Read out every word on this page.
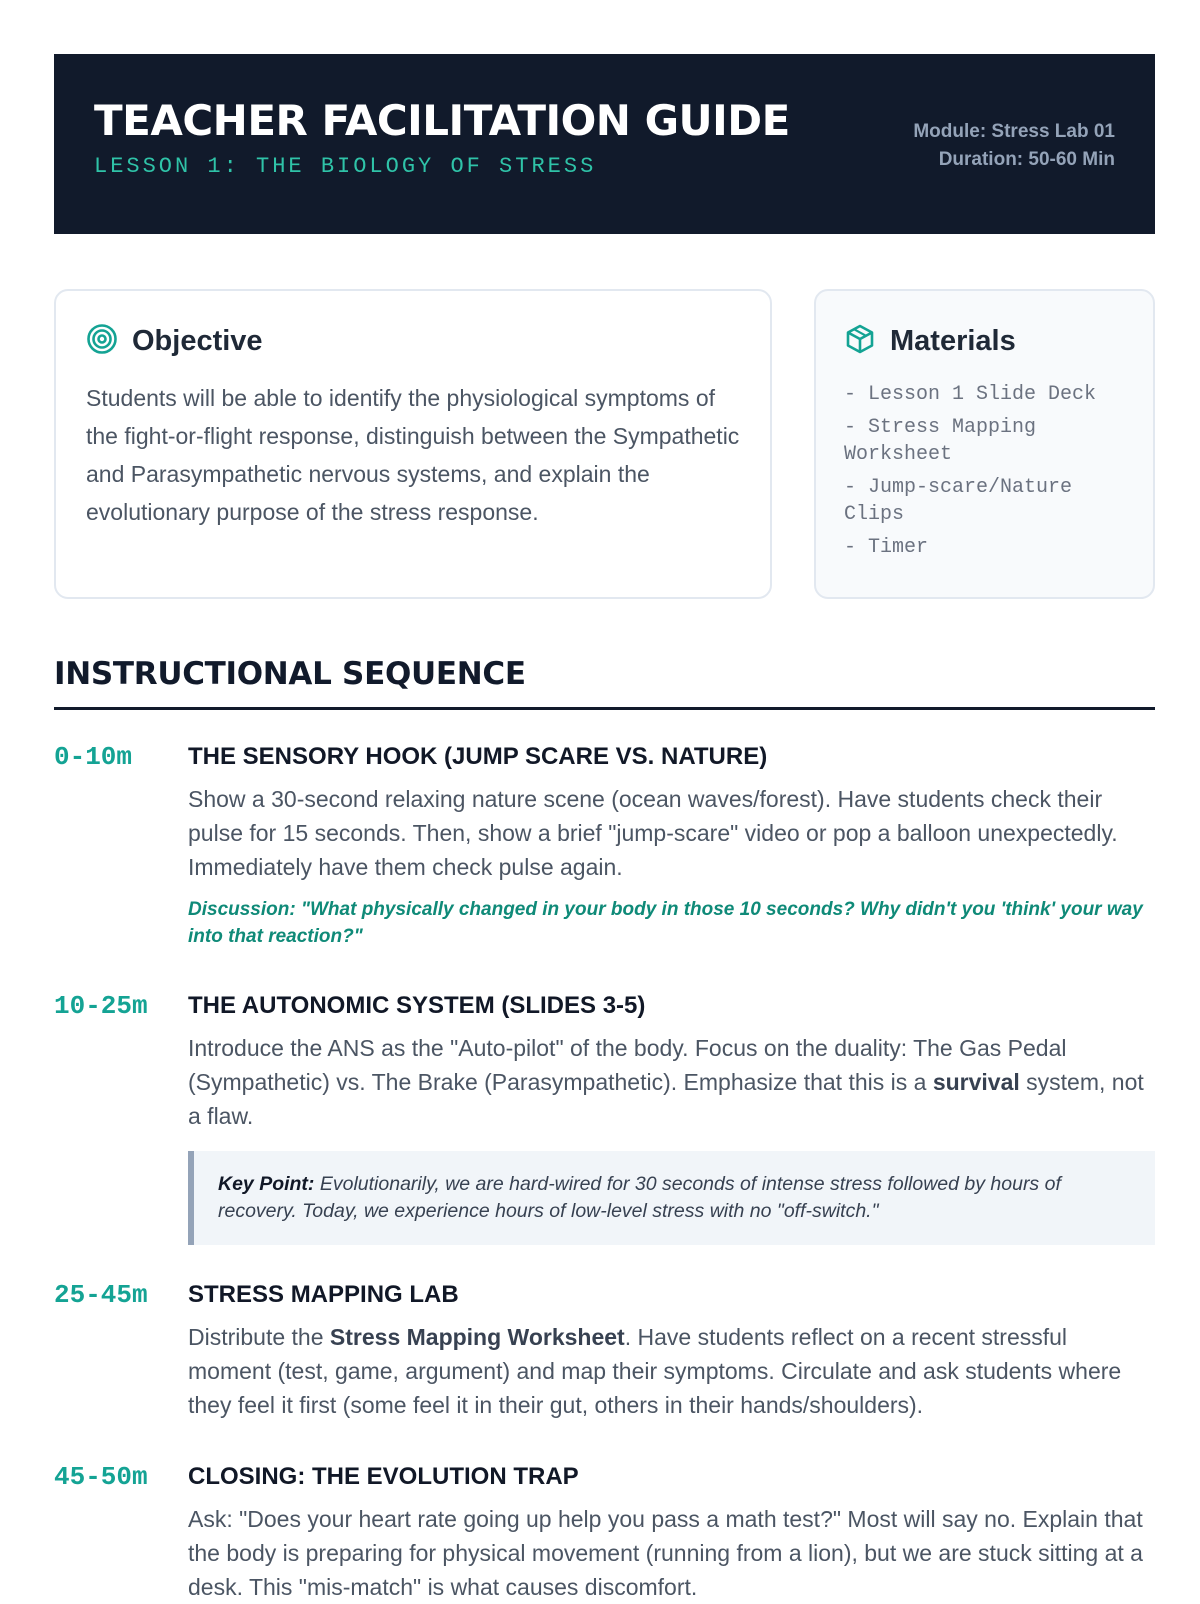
TEACHER FACILITATION GUIDE
LESSON 1: THE BIOLOGY OF STRESS
Module: Stress Lab 01
Duration: 50-60 Min
Objective
Students will be able to identify the physiological symptoms of the fight-or-flight response, distinguish between the Sympathetic and Parasympathetic nervous systems, and explain the evolutionary purpose of the stress response.
Materials
- Lesson 1 Slide Deck
- Stress Mapping Worksheet
- Jump-scare/Nature Clips
- Timer
INSTRUCTIONAL SEQUENCE
0-10m	THE SENSORY HOOK (JUMP SCARE VS. NATURE)
Show a 30-second relaxing nature scene (ocean waves/forest). Have students check their pulse for 15 seconds. Then, show a brief "jump-scare" video or pop a balloon unexpectedly. Immediately have them check pulse again.
Discussion: "What physically changed in your body in those 10 seconds? Why didn't you 'think' your way into that reaction?"
10-25m	THE AUTONOMIC SYSTEM (SLIDES 3-5)
Introduce the ANS as the "Auto-pilot" of the body. Focus on the duality: The Gas Pedal (Sympathetic) vs. The Brake (Parasympathetic). Emphasize that this is a survival system, not a flaw.
Key Point: Evolutionarily, we are hard-wired for 30 seconds of intense stress followed by hours of recovery. Today, we experience hours of low-level stress with no "off-switch."
25-45m	STRESS MAPPING LAB
Distribute the Stress Mapping Worksheet. Have students reflect on a recent stressful moment (test, game, argument) and map their symptoms. Circulate and ask students where they feel it first (some feel it in their gut, others in their hands/shoulders).
45-50m	CLOSING: THE EVOLUTION TRAP
Ask: "Does your heart rate going up help you pass a math test?" Most will say no. Explain that the body is preparing for physical movement (running from a lion), but we are stuck sitting at a desk. This "mis-match" is what causes discomfort.
